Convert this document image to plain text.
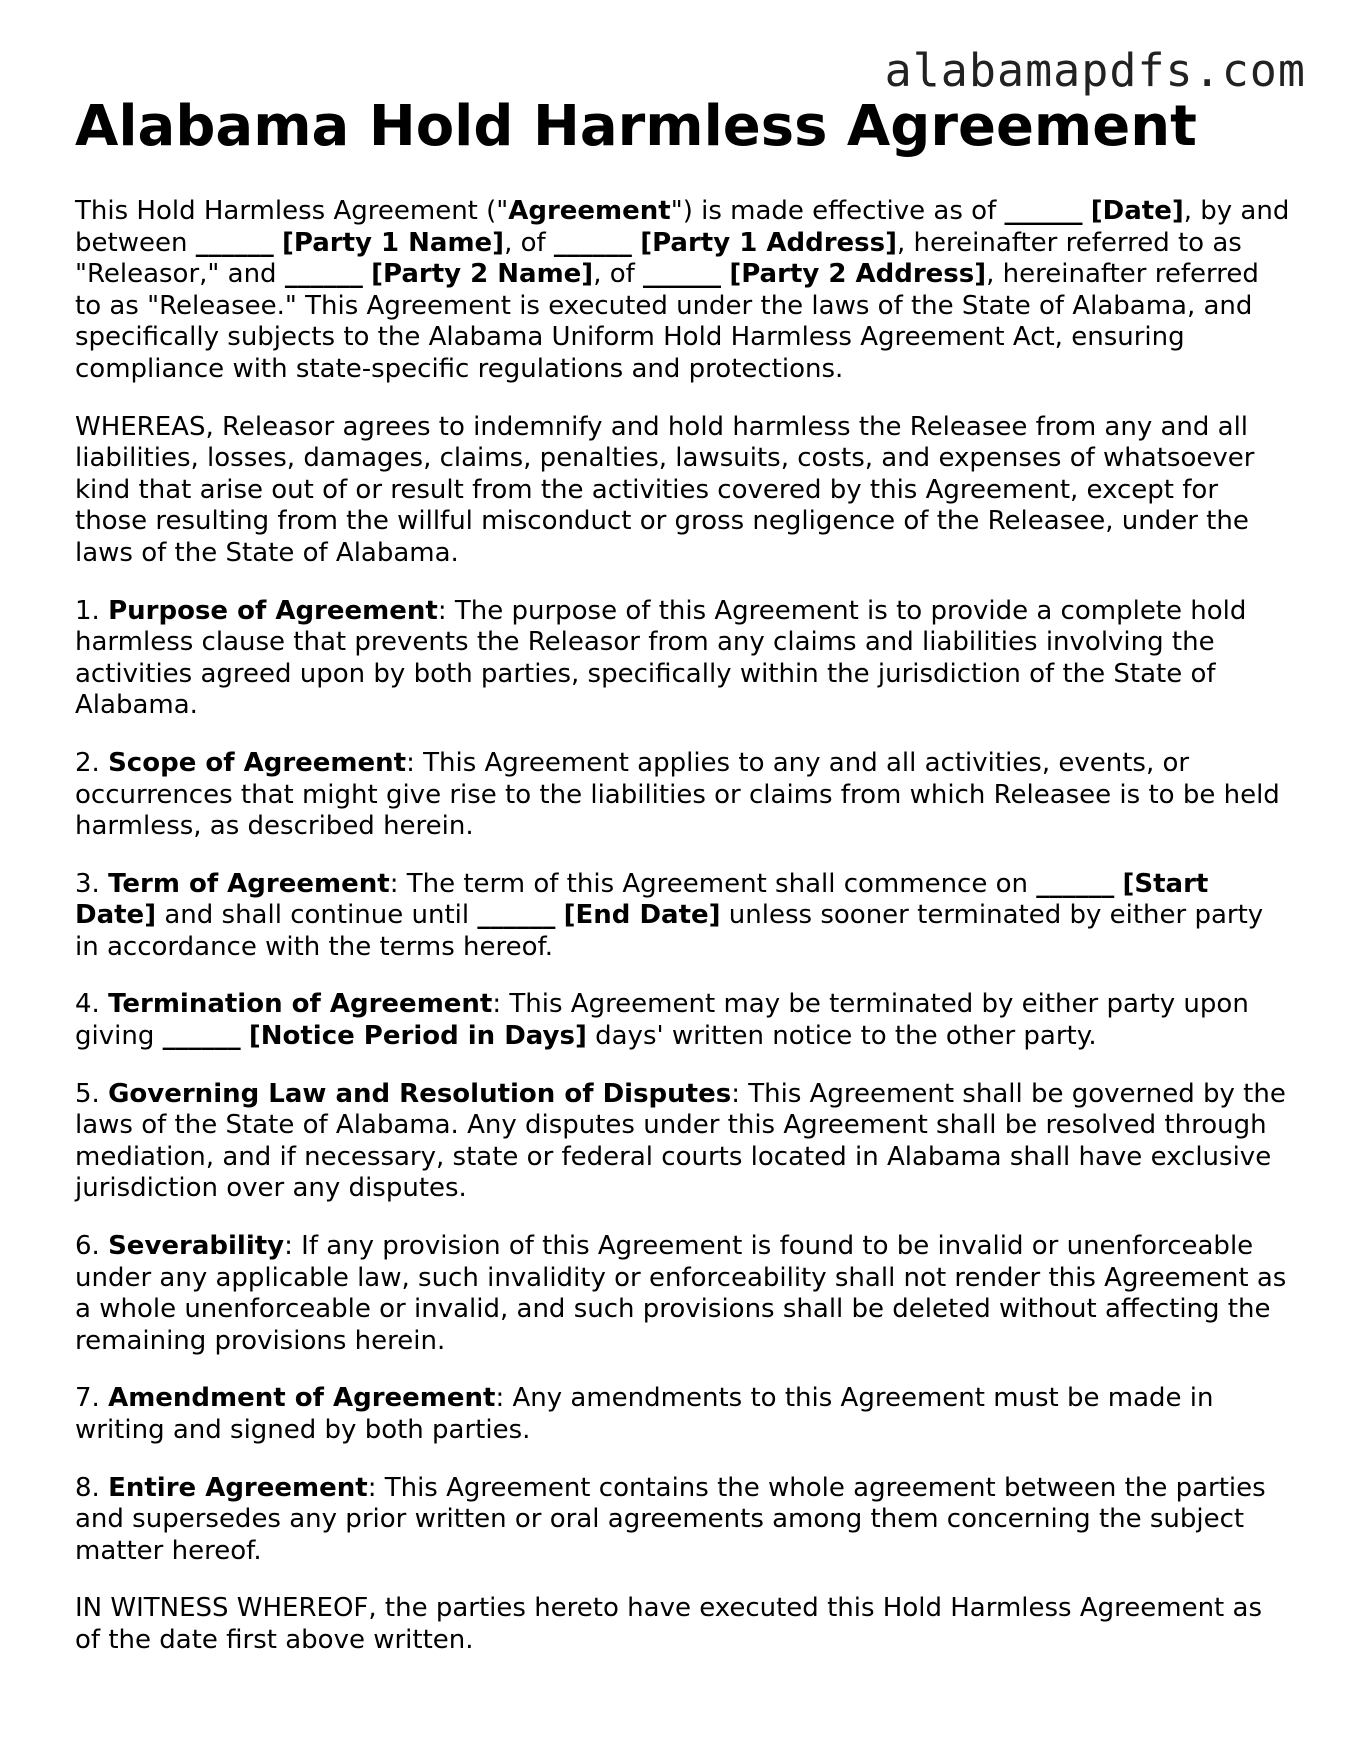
alabamapdfs.com
Alabama Hold Harmless Agreement

This Hold Harmless Agreement ("Agreement") is made effective as of ______ [Date], by and between ______ [Party 1 Name], of ______ [Party 1 Address], hereinafter referred to as "Releasor," and ______ [Party 2 Name], of ______ [Party 2 Address], hereinafter referred to as "Releasee." This Agreement is executed under the laws of the State of Alabama, and specifically subjects to the Alabama Uniform Hold Harmless Agreement Act, ensuring compliance with state-specific regulations and protections.

WHEREAS, Releasor agrees to indemnify and hold harmless the Releasee from any and all liabilities, losses, damages, claims, penalties, lawsuits, costs, and expenses of whatsoever kind that arise out of or result from the activities covered by this Agreement, except for those resulting from the willful misconduct or gross negligence of the Releasee, under the laws of the State of Alabama.

1. Purpose of Agreement: The purpose of this Agreement is to provide a complete hold harmless clause that prevents the Releasor from any claims and liabilities involving the activities agreed upon by both parties, specifically within the jurisdiction of the State of Alabama.

2. Scope of Agreement: This Agreement applies to any and all activities, events, or occurrences that might give rise to the liabilities or claims from which Releasee is to be held harmless, as described herein.

3. Term of Agreement: The term of this Agreement shall commence on ______ [Start Date] and shall continue until ______ [End Date] unless sooner terminated by either party in accordance with the terms hereof.

4. Termination of Agreement: This Agreement may be terminated by either party upon giving ______ [Notice Period in Days] days' written notice to the other party.

5. Governing Law and Resolution of Disputes: This Agreement shall be governed by the laws of the State of Alabama. Any disputes under this Agreement shall be resolved through mediation, and if necessary, state or federal courts located in Alabama shall have exclusive jurisdiction over any disputes.

6. Severability: If any provision of this Agreement is found to be invalid or unenforceable under any applicable law, such invalidity or enforceability shall not render this Agreement as a whole unenforceable or invalid, and such provisions shall be deleted without affecting the remaining provisions herein.

7. Amendment of Agreement: Any amendments to this Agreement must be made in writing and signed by both parties.

8. Entire Agreement: This Agreement contains the whole agreement between the parties and supersedes any prior written or oral agreements among them concerning the subject matter hereof.

IN WITNESS WHEREOF, the parties hereto have executed this Hold Harmless Agreement as of the date first above written.
